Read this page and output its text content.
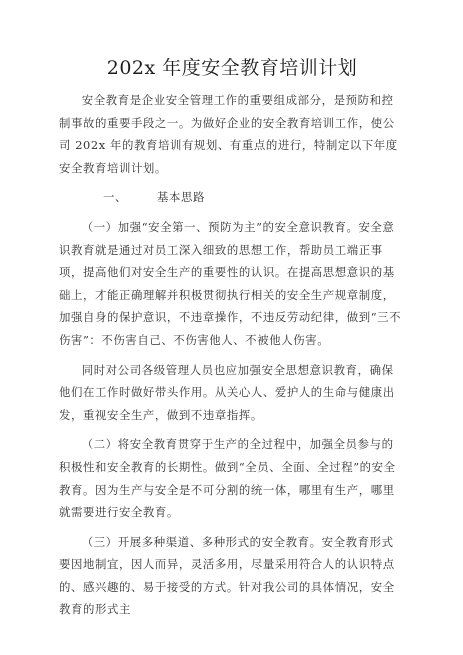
202x 年度安全教育培训计划

安全教育是企业安全管理工作的重要组成部分，是预防和控制事故的重要手段之一。为做好企业的安全教育培训工作，使公司 202x 年的教育培训有规划、有重点的进行，特制定以下年度安全教育培训计划。

一、	基本思路

（一）加强“安全第一、预防为主”的安全意识教育。安全意识教育就是通过对员工深入细致的思想工作，帮助员工端正事项，提高他们对安全生产的重要性的认识。在提高思想意识的基础上，才能正确理解并积极贯彻执行相关的安全生产规章制度，加强自身的保护意识，不违章操作，不违反劳动纪律，做到“三不伤害”：不伤害自己、不伤害他人、不被他人伤害。

同时对公司各级管理人员也应加强安全思想意识教育，确保他们在工作时做好带头作用。从关心人、爱护人的生命与健康出发，重视安全生产，做到不违章指挥。

（二）将安全教育贯穿于生产的全过程中，加强全员参与的积极性和安全教育的长期性。做到“全员、全面、全过程”的安全教育。因为生产与安全是不可分割的统一体，哪里有生产，哪里就需要进行安全教育。

（三）开展多种渠道、多种形式的安全教育。安全教育形式要因地制宜，因人而异，灵活多用，尽量采用符合人的认识特点的、感兴趣的、易于接受的方式。针对我公司的具体情况，安全教育的形式主
